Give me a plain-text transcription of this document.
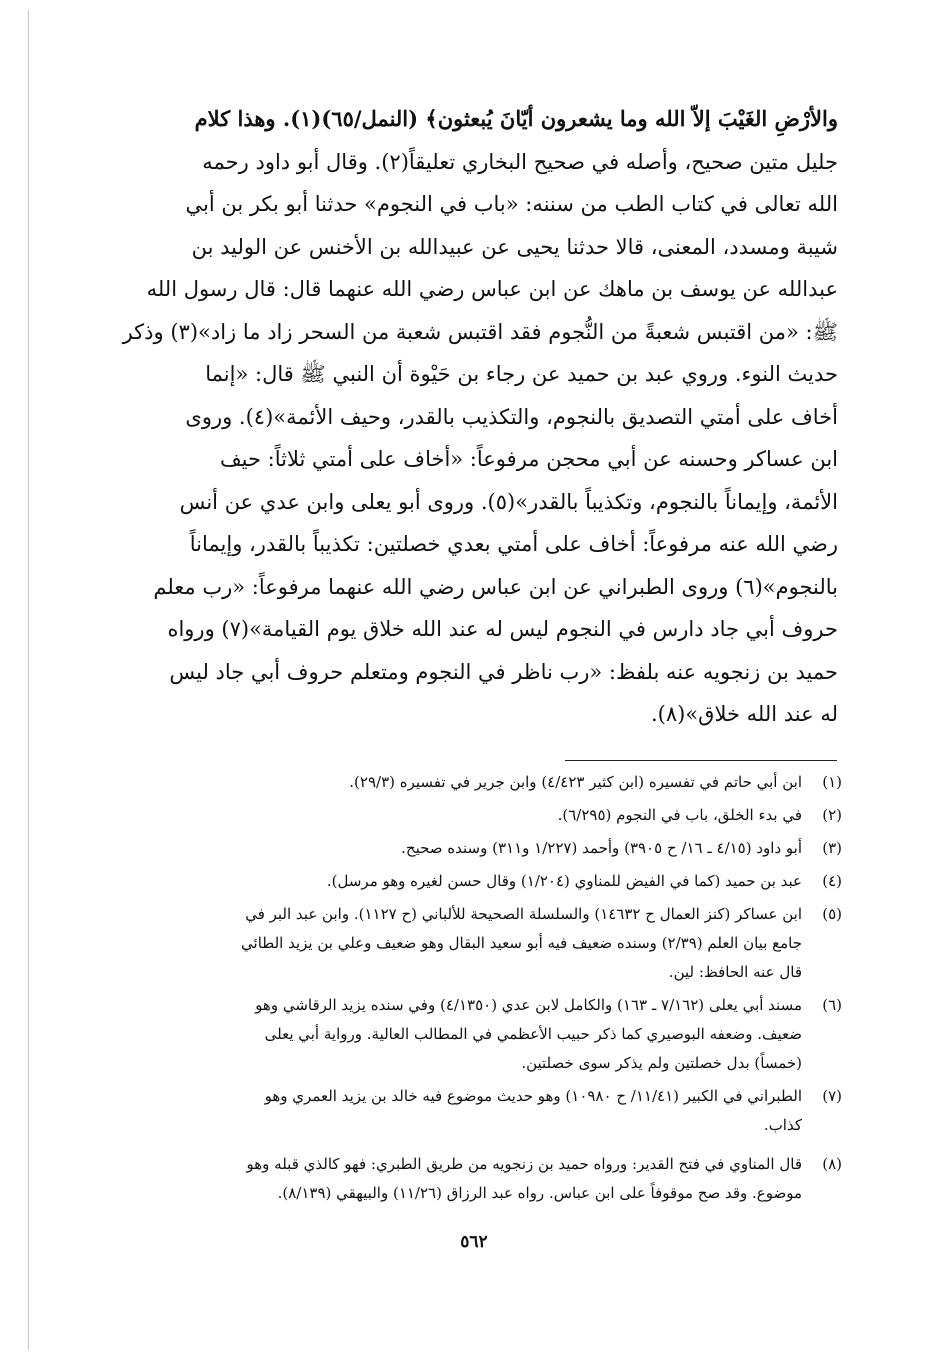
والأرْضِ الغَيْبَ إلاّ الله وما يشعرون أيّانَ يُبعثون﴾ (النمل/٦٥)(١). وهذا كلام
جليل متين صحيح، وأصله في صحيح البخاري تعليقاً(٢). وقال أبو داود رحمه
الله تعالى في كتاب الطب من سننه: «باب في النجوم» حدثنا أبو بكر بن أبي
شيبة ومسدد، المعنى، قالا حدثنا يحيى عن عبيدالله بن الأخنس عن الوليد بن
عبدالله عن يوسف بن ماهك عن ابن عباس رضي الله عنهما قال: قال رسول الله
ﷺ: «من اقتبس شعبةً من النُّجوم فقد اقتبس شعبة من السحر زاد ما زاد»(٣) وذكر
حديث النوء. وروي عبد بن حميد عن رجاء بن حَيْوة أن النبي ﷺ قال: «إنما
أخاف على أمتي التصديق بالنجوم، والتكذيب بالقدر، وحيف الأئمة»(٤). وروى
ابن عساكر وحسنه عن أبي محجن مرفوعاً: «أخاف على أمتي ثلاثاً: حيف
الأئمة، وإيماناً بالنجوم، وتكذيباً بالقدر»(٥). وروى أبو يعلى وابن عدي عن أنس
رضي الله عنه مرفوعاً: أخاف على أمتي بعدي خصلتين: تكذيباً بالقدر، وإيماناً
بالنجوم»(٦) وروى الطبراني عن ابن عباس رضي الله عنهما مرفوعاً: «رب معلم
حروف أبي جاد دارس في النجوم ليس له عند الله خلاق يوم القيامة»(٧) ورواه
حميد بن زنجويه عنه بلفظ: «رب ناظر في النجوم ومتعلم حروف أبي جاد ليس
له عند الله خلاق»(٨).
(١)
ابن أبي حاتم في تفسيره (ابن كثير ٤/٤٢٣) وابن جرير في تفسيره (٢٩/٣).
(٢)
في بدء الخلق، باب في النجوم (٦/٢٩٥).
(٣)
أبو داود (٤/١٥ ـ ١٦/ ح ٣٩٠٥) وأحمد (١/٢٢٧ و٣١١) وسنده صحيح.
(٤)
عبد بن حميد (كما في الفيض للمناوي (١/٢٠٤) وقال حسن لغيره وهو مرسل).
(٥)
ابن عساكر (كنز العمال ح ١٤٦٣٢) والسلسلة الصحيحة للألباني (ح ١١٢٧). وابن عبد البر في
جامع بيان العلم (٢/٣٩) وسنده ضعيف فيه أبو سعيد البقال وهو ضعيف وعلي بن يزيد الطائي
قال عنه الحافظ: لين.
(٦)
مسند أبي يعلى (٧/١٦٢ ـ ١٦٣) والكامل لابن عدي (٤/١٣٥٠) وفي سنده يزيد الرقاشي وهو
ضعيف. وضعفه البوصيري كما ذكر حبيب الأعظمي في المطالب العالية. ورواية أبي يعلى
(خمساً) بدل خصلتين ولم يذكر سوى خصلتين.
(٧)
الطبراني في الكبير (١١/٤١/ ح ١٠٩٨٠) وهو حديث موضوع فيه خالد بن يزيد العمري وهو
كذاب.
(٨)
قال المناوي في فتح القدير: ورواه حميد بن زنجويه من طريق الطبري: فهو كالذي قبله وهو
موضوع. وقد صح موقوفاً على ابن عباس. رواه عبد الرزاق (١١/٢٦) والبيهقي (٨/١٣٩).
٥٦٢
